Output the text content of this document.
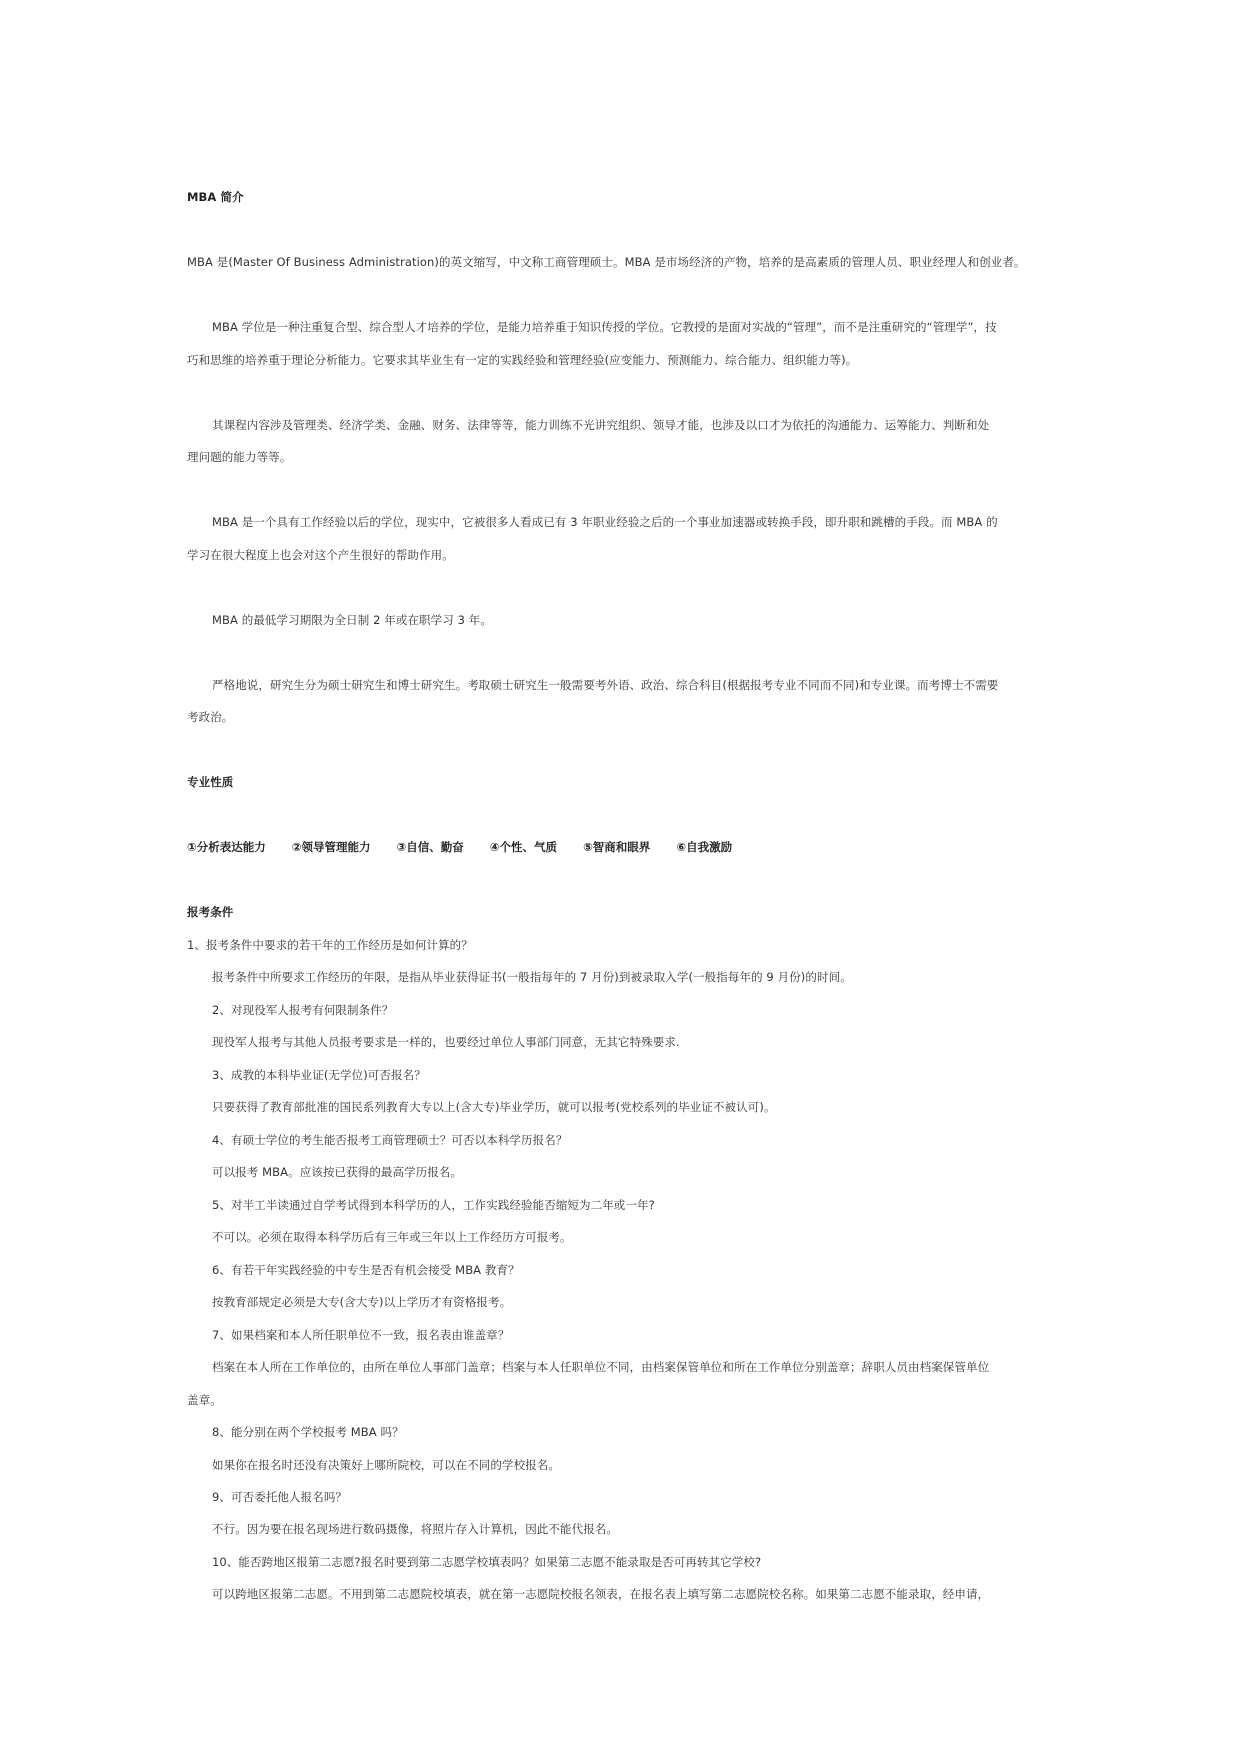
MBA 简介
MBA 是(Master Of Business Administration)的英文缩写，中文称工商管理硕士。MBA 是市场经济的产物，培养的是高素质的管理人员、职业经理人和创业者。
MBA 学位是一种注重复合型、综合型人才培养的学位，是能力培养重于知识传授的学位。它教授的是面对实战的“管理”，而不是注重研究的“管理学”，技
巧和思维的培养重于理论分析能力。它要求其毕业生有一定的实践经验和管理经验(应变能力、预测能力、综合能力、组织能力等)。
其课程内容涉及管理类、经济学类、金融、财务、法律等等，能力训练不光讲究组织、领导才能，也涉及以口才为依托的沟通能力、运筹能力、判断和处
理问题的能力等等。
MBA 是一个具有工作经验以后的学位，现实中，它被很多人看成已有 3 年职业经验之后的一个事业加速器或转换手段，即升职和跳槽的手段。而 MBA 的
学习在很大程度上也会对这个产生很好的帮助作用。
MBA 的最低学习期限为全日制 2 年或在职学习 3 年。
严格地说，研究生分为硕士研究生和博士研究生。考取硕士研究生一般需要考外语、政治、综合科目(根据报考专业不同而不同)和专业课。而考博士不需要
考政治。
专业性质
①分析表达能力 ②领导管理能力 ③自信、勤奋 ④个性、气质 ⑤智商和眼界 ⑥自我激励
报考条件
1、报考条件中要求的若干年的工作经历是如何计算的？
报考条件中所要求工作经历的年限，是指从毕业获得证书(一般指每年的 7 月份)到被录取入学(一般指每年的 9 月份)的时间。
2、对现役军人报考有何限制条件？
现役军人报考与其他人员报考要求是一样的，也要经过单位人事部门同意，无其它特殊要求.
3、成教的本科毕业证(无学位)可否报名？
只要获得了教育部批准的国民系列教育大专以上(含大专)毕业学历，就可以报考(党校系列的毕业证不被认可)。
4、有硕士学位的考生能否报考工商管理硕士？可否以本科学历报名？
可以报考 MBA。应该按已获得的最高学历报名。
5、对半工半读通过自学考试得到本科学历的人，工作实践经验能否缩短为二年或一年?
不可以。必须在取得本科学历后有三年或三年以上工作经历方可报考。
6、有若干年实践经验的中专生是否有机会接受 MBA 教育？
按教育部规定必须是大专(含大专)以上学历才有资格报考。
7、如果档案和本人所任职单位不一致，报名表由谁盖章？
档案在本人所在工作单位的，由所在单位人事部门盖章；档案与本人任职单位不同，由档案保管单位和所在工作单位分别盖章；辞职人员由档案保管单位
盖章。
8、能分别在两个学校报考 MBA 吗？
如果你在报名时还没有决策好上哪所院校，可以在不同的学校报名。
9、可否委托他人报名吗？
不行。因为要在报名现场进行数码摄像，将照片存入计算机，因此不能代报名。
10、能否跨地区报第二志愿?报名时要到第二志愿学校填表吗？如果第二志愿不能录取是否可再转其它学校?
可以跨地区报第二志愿。不用到第二志愿院校填表，就在第一志愿院校报名领表，在报名表上填写第二志愿院校名称。如果第二志愿不能录取，经申请，
